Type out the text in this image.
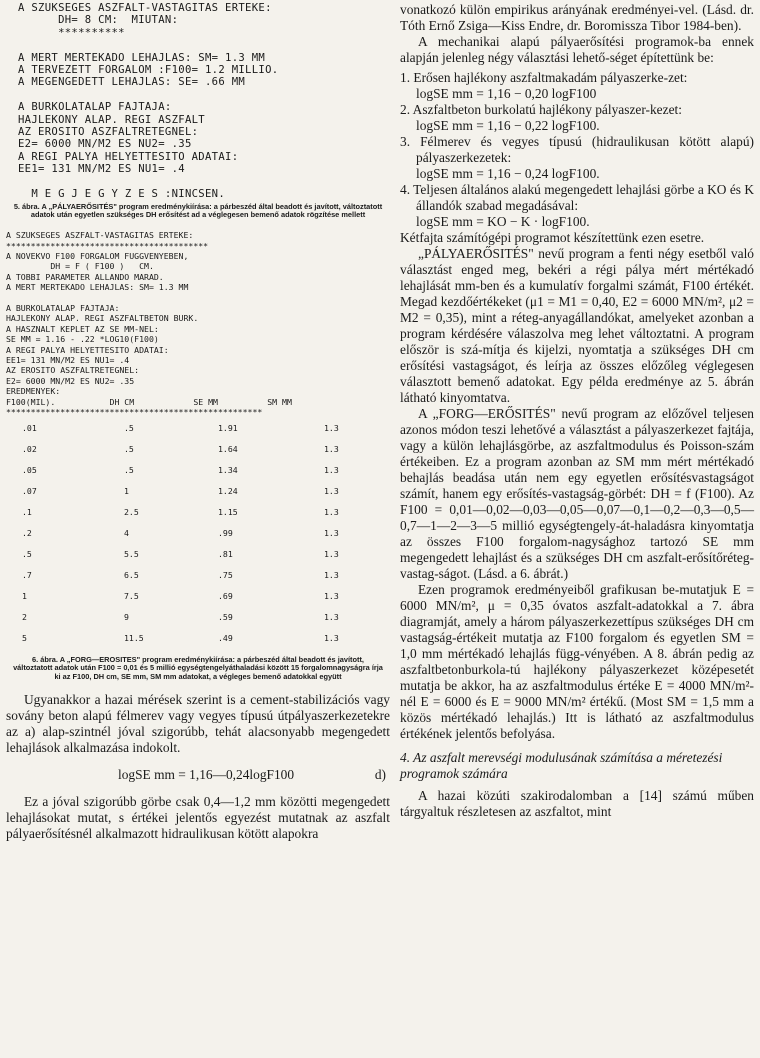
A SZUKSEGES ASZFALT-VASTAGITAS ERTEKE:
DH= 8 CM:  MIUTAN:
**********

A MERT MERTEKADO LEHAJLAS: SM= 1.3 MM
A TERVEZETT FORGALOM :F100= 1.2 MILLIO.
A MEGENGEDETT LEHAJLAS: SE= .66 MM

A BURKOLATALAP FAJTAJA:
HAJLEKONY ALAP. REGI ASZFALT
AZ EROSITO ASZFALTRETEGNEL:
E2= 6000 MN/M2 ES NU2= .35
A REGI PALYA HELYETTESITO ADATAI:
EE1= 131 MN/M2 ES NU1= .4

M E G J E G Y Z E S :NINCSEN.

5. ábra. A „PÁLYAERŐSITÉS" program eredménykiírása: a párbeszéd által beadott és javított, változtatott adatok után egyetlen szükséges DH erősítést ad a véglegesen bemenő adatok rögzítése mellett

A SZUKSEGES ASZFALT-VASTAGITAS ERTEKE:
*****************************************
A NOVEKVO F100 FORGALOM FUGGVENYEBEN,
DH = F ( F100 )   CM.
A TOBBI PARAMETER ALLANDO MARAD.
A MERT MERTEKADO LEHAJLAS: SM= 1.3 MM

A BURKOLATALAP FAJTAJA:
HAJLEKONY ALAP. REGI ASZFALTBETON BURK.
A HASZNALT KEPLET AZ SE MM-NEL:
SE MM = 1.16 - .22 *LOG10(F100)
A REGI PALYA HELYETTESITO ADATAI:
EE1= 131 MN/M2 ES NU1= .4
AZ EROSITO ASZFALTRETEGNEL:
E2= 6000 MN/M2 ES NU2= .35
EREDMENYEK:
F100(MIL).           DH CM            SE MM          SM MM
****************************************************
.01	.5	1.91	1.3
.02	.5	1.64	1.3
.05	.5	1.34	1.3
.07	1	1.24	1.3
.1	2.5	1.15	1.3
.2	4	.99	1.3
.5	5.5	.81	1.3
.7	6.5	.75	1.3
1	7.5	.69	1.3
2	9	.59	1.3
5	11.5	.49	1.3

6. ábra. A „FORG—EROSITES" program eredménykiírása: a párbeszéd által beadott és javított, változtatott adatok után F100 = 0,01 és 5 millió egységtengelyáthaladási között 15 forgalomnagyságra írja ki az F100, DH cm, SE mm, SM mm adatokat, a végleges bemenő adatokkal együtt

Ugyanakkor a hazai mérések szerint is a cement-stabilizációs vagy sovány beton alapú félmerev vagy vegyes típusú útpályaszerkezetekre az a) alap-szintnél jóval szigorúbb, tehát alacsonyabb megengedett lehajlások alkalmazása indokolt.

logSE mm = 1,16—0,24logF100	d)

Ez a jóval szigorúbb görbe csak 0,4—1,2 mm közötti megengedett lehajlásokat mutat, s értékei jelentős egyezést mutatnak az aszfalt pályaerősítésnél alkalmazott hidraulikusan kötött alapokra

vonatkozó külön empirikus arányának eredményei-vel. (Lásd. dr. Tóth Ernő Zsiga—Kiss Endre, dr. Boromissza Tibor 1984-ben).

A mechanikai alapú pályaerősítési programok-ba ennek alapján jelenleg négy választási lehető-séget építettünk be:

1. Erősen hajlékony aszfaltmakadám pályaszerke-zet:

logSE mm = 1,16 − 0,20 logF100

2. Aszfaltbeton burkolatú hajlékony pályaszer-kezet:

logSE mm = 1,16 − 0,22 logF100.

3. Félmerev és vegyes típusú (hidraulikusan kötött alapú) pályaszerkezetek:

logSE mm = 1,16 − 0,24 logF100.

4. Teljesen általános alakú megengedett lehajlási görbe a KO és K állandók szabad megadásával:

logSE mm = KO − K · logF100.

Kétfajta számítógépi programot készítettünk ezen esetre.

„PÁLYAERŐSITÉS" nevű program a fenti négy esetből való választást enged meg, bekéri a régi pálya mért mértékadó lehajlását mm-ben és a kumulatív forgalmi számát, F100 értékét. Megad kezdőértékeket (μ1 = M1 = 0,40, E2 = 6000 MN/m², μ2 = M2 = 0,35), mint a réteg-anyagállandókat, amelyeket azonban a program kérdésére válaszolva meg lehet változtatni. A program először is szá-mítja és kijelzi, nyomtatja a szükséges DH cm erősítési vastagságot, és leírja az összes előzőleg véglegesen választott bemenő adatokat. Egy példa eredménye az 5. ábrán látható kinyomtatva.

A „FORG—ERŐSITÉS" nevű program az előzővel teljesen azonos módon teszi lehetővé a választást a pályaszerkezet fajtája, vagy a külön lehajlásgörbe, az aszfaltmodulus és Poisson-szám értékeiben. Ez a program azonban az SM mm mért mértékadó behajlás beadása után nem egy egyetlen erősítésvastagságot számít, hanem egy erősítés-vastagság-görbét: DH = f (F100). Az F100 = 0,01—0,02—0,03—0,05—0,07—0,1—0,2—0,3—0,5—0,7—1—2—3—5 millió egységtengely-át-haladásra kinyomtatja az összes F100 forgalom-nagysághoz tartozó SE mm megengedett lehajlást és a szükséges DH cm aszfalt-erősítőréteg-vastag-ságot. (Lásd. a 6. ábrát.)

Ezen programok eredményeiből grafikusan be-mutatjuk E = 6000 MN/m², μ = 0,35 óvatos aszfalt-adatokkal a 7. ábra diagramját, amely a három pályaszerkezettípus szükséges DH cm vastagság-értékeit mutatja az F100 forgalom és egyetlen SM = 1,0 mm mértékadó lehajlás függ-vényében. A 8. ábrán pedig az aszfaltbetonburkola-tú hajlékony pályaszerkezet középesetét mutatja be akkor, ha az aszfaltmodulus értéke E = 4000 MN/m²-nél E = 6000 és E = 9000 MN/m² értékű. (Most SM = 1,5 mm a közös mértékadó lehajlás.) Itt is látható az aszfaltmodulus értékének jelentős befolyása.

4. Az aszfalt merevségi modulusának számítása a méretezési programok számára

A hazai közúti szakirodalomban a [14] számú műben tárgyaltuk részletesen az aszfaltot, mint
